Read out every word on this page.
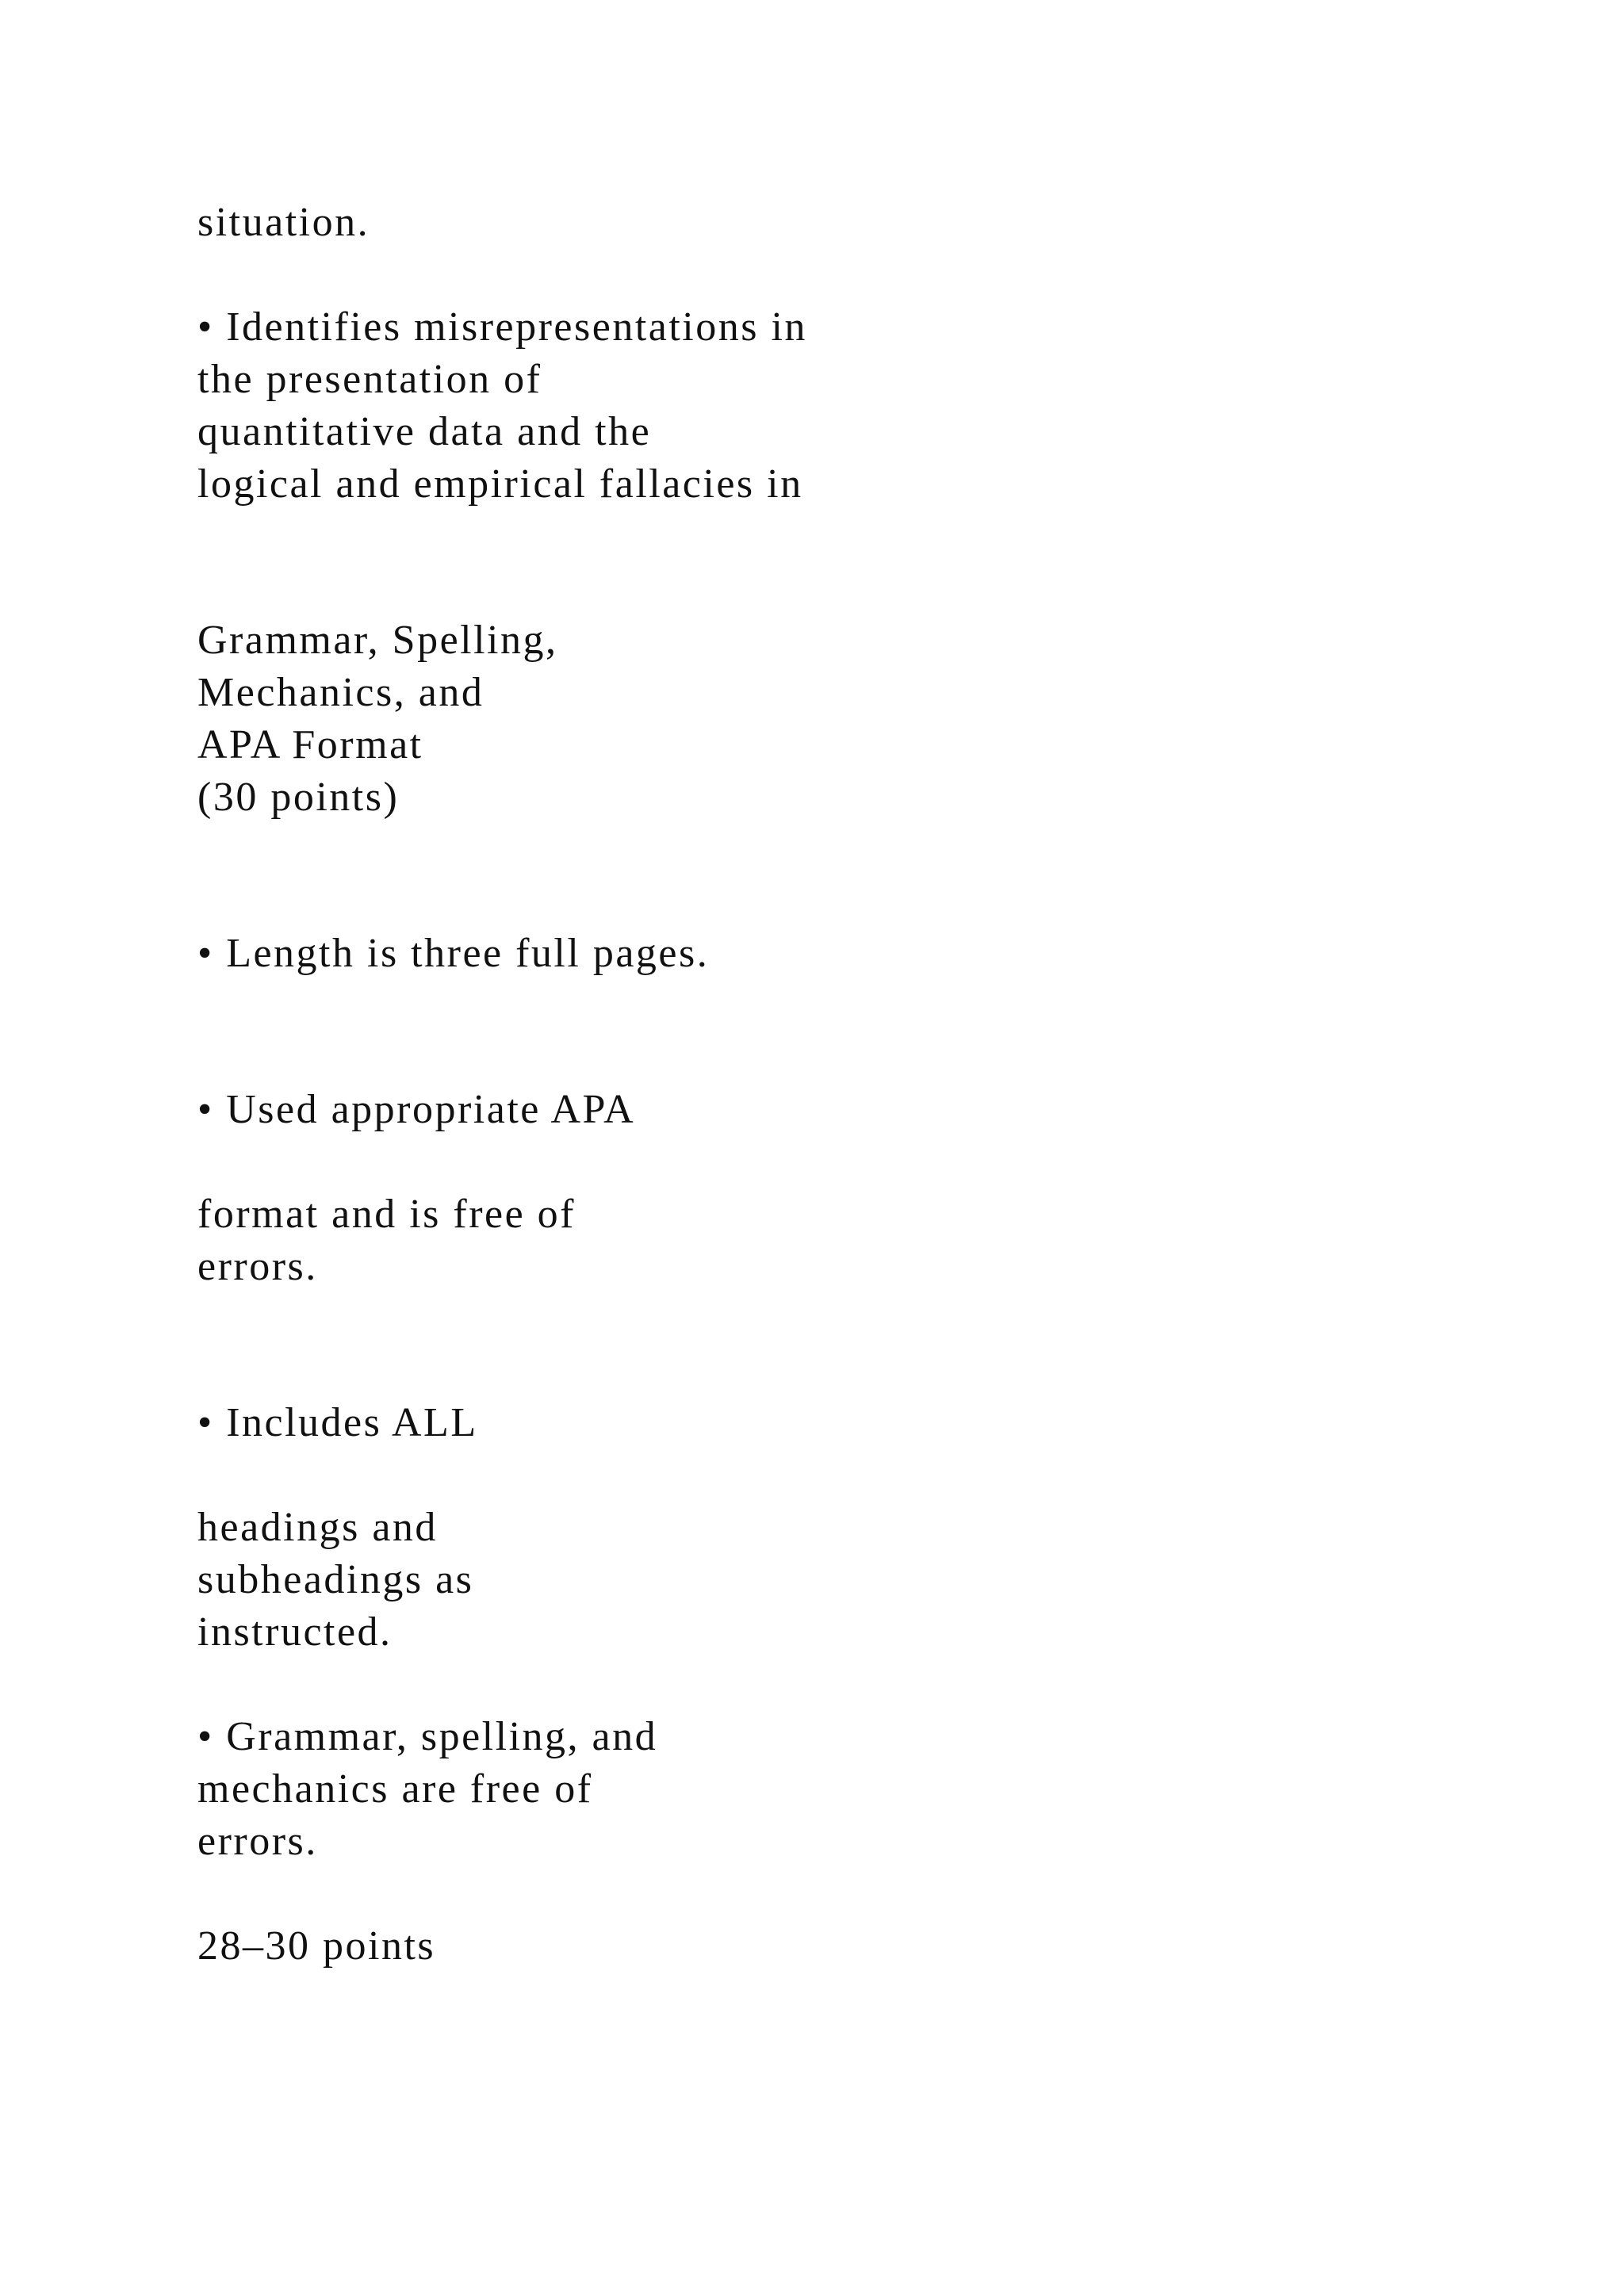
situation.

• Identifies misrepresentations in

the presentation of

quantitative data and the

logical and empirical fallacies in

Grammar, Spelling,

Mechanics, and

APA Format

(30 points)

• Length is three full pages.

• Used appropriate APA

format and is free of

errors.

• Includes ALL

headings and

subheadings as

instructed.

• Grammar, spelling, and

mechanics are free of

errors.

28–30 points
